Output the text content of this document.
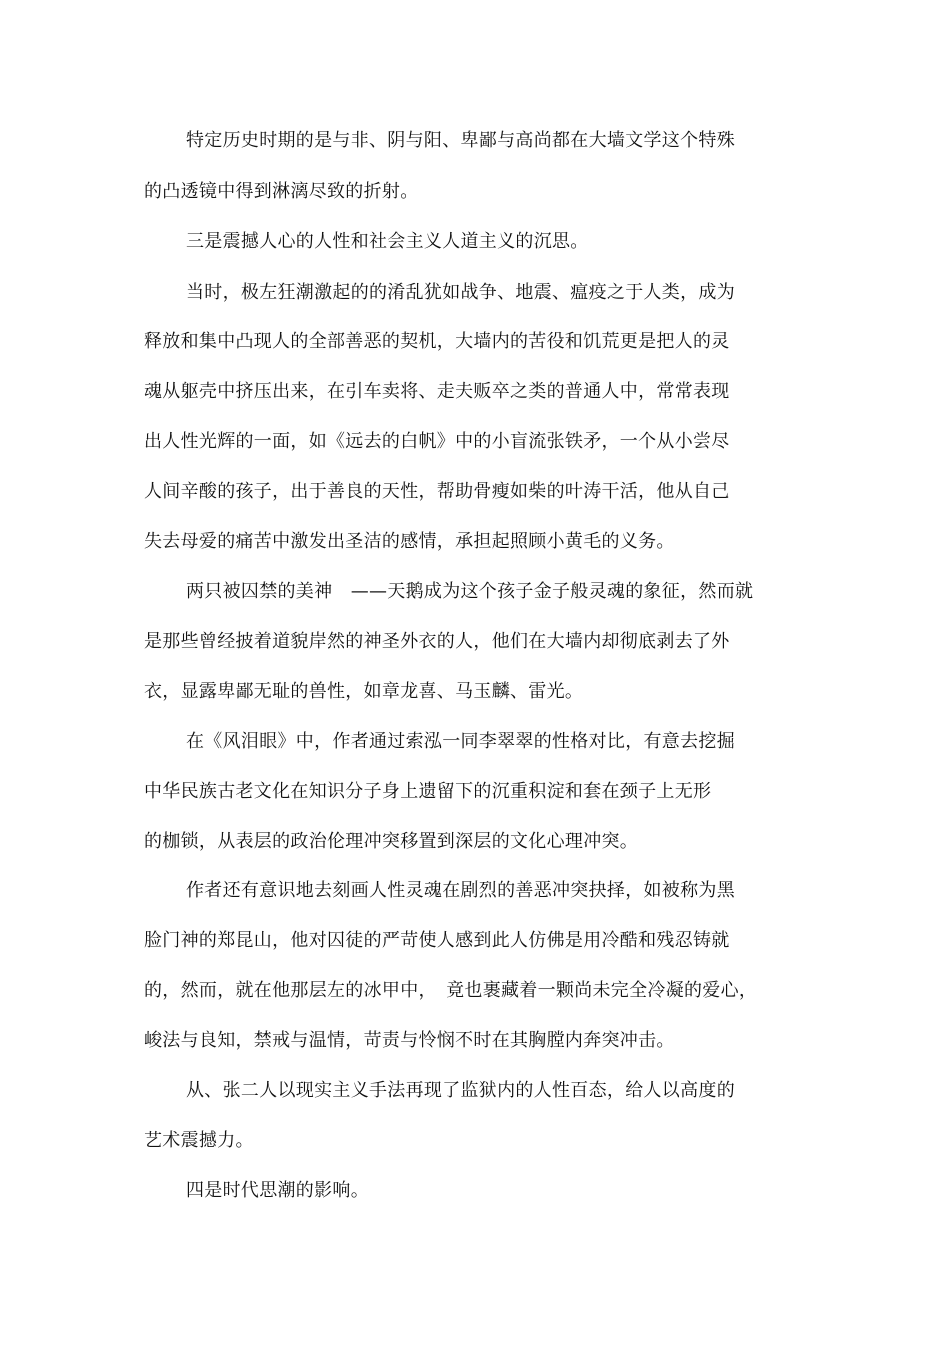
特定历史时期的是与非、阴与阳、卑鄙与高尚都在大墙文学这个特殊
的凸透镜中得到淋漓尽致的折射。
三是震撼人心的人性和社会主义人道主义的沉思。
当时，极左狂潮激起的的淆乱犹如战争、地震、瘟疫之于人类，成为
释放和集中凸现人的全部善恶的契机，大墙内的苦役和饥荒更是把人的灵
魂从躯壳中挤压出来，在引车卖将、走夫贩卒之类的普通人中，常常表现
出人性光辉的一面，如《远去的白帆》中的小盲流张铁矛，一个从小尝尽
人间辛酸的孩子，出于善良的天性，帮助骨瘦如柴的叶涛干活，他从自己
失去母爱的痛苦中激发出圣洁的感情，承担起照顾小黄毛的义务。
两只被囚禁的美神　——天鹅成为这个孩子金子般灵魂的象征，然而就
是那些曾经披着道貌岸然的神圣外衣的人，他们在大墙内却彻底剥去了外
衣，显露卑鄙无耻的兽性，如章龙喜、马玉麟、雷光。
在《风泪眼》中，作者通过索泓一同李翠翠的性格对比，有意去挖掘
中华民族古老文化在知识分子身上遗留下的沉重积淀和套在颈子上无形
的枷锁，从表层的政治伦理冲突移置到深层的文化心理冲突。
作者还有意识地去刻画人性灵魂在剧烈的善恶冲突抉择，如被称为黑
脸门神的郑昆山，他对囚徒的严苛使人感到此人仿佛是用冷酷和残忍铸就
的，然而，就在他那层左的冰甲中，　竟也裹藏着一颗尚未完全冷凝的爱心，
峻法与良知，禁戒与温情，苛责与怜悯不时在其胸膛内奔突冲击。
从、张二人以现实主义手法再现了监狱内的人性百态，给人以高度的
艺术震撼力。
四是时代思潮的影响。
